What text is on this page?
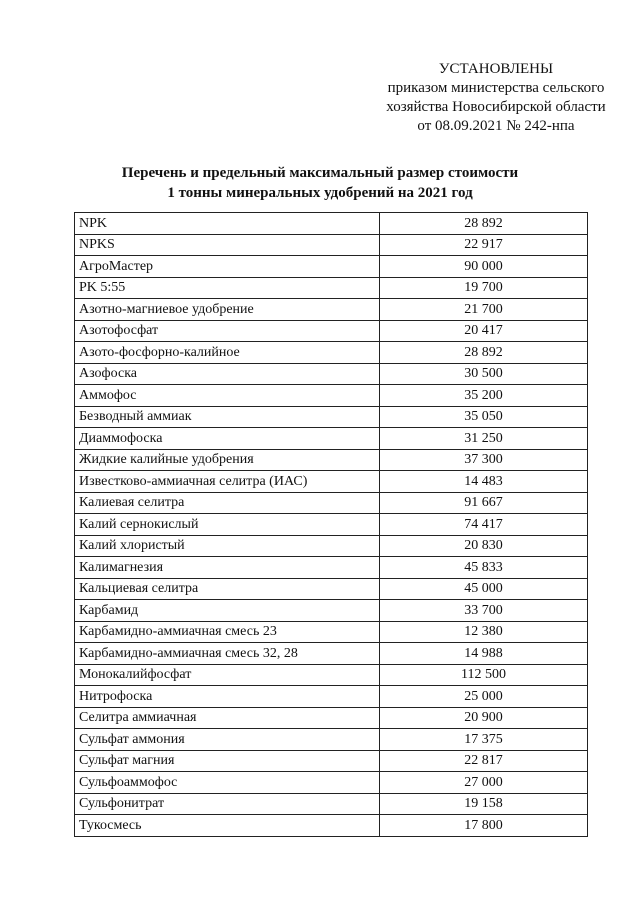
УСТАНОВЛЕНЫ
приказом министерства сельского
хозяйства Новосибирской области
от 08.09.2021 № 242-нпа
Перечень и предельный максимальный размер стоимости
1 тонны минеральных удобрений на 2021 год
NPK	28 892
NPKS	22 917
АгроМастер	90 000
PK 5:55	19 700
Азотно-магниевое удобрение	21 700
Азотофосфат	20 417
Азото-фосфорно-калийное	28 892
Азофоска	30 500
Аммофос	35 200
Безводный аммиак	35 050
Диаммофоска	31 250
Жидкие калийные удобрения	37 300
Известково-аммиачная селитра (ИАС)	14 483
Калиевая селитра	91 667
Калий сернокислый	74 417
Калий хлористый	20 830
Калимагнезия	45 833
Кальциевая селитра	45 000
Карбамид	33 700
Карбамидно-аммиачная смесь 23	12 380
Карбамидно-аммиачная смесь 32, 28	14 988
Монокалийфосфат	112 500
Нитрофоска	25 000
Селитра аммиачная	20 900
Сульфат аммония	17 375
Сульфат магния	22 817
Сульфоаммофос	27 000
Сульфонитрат	19 158
Тукосмесь	17 800
